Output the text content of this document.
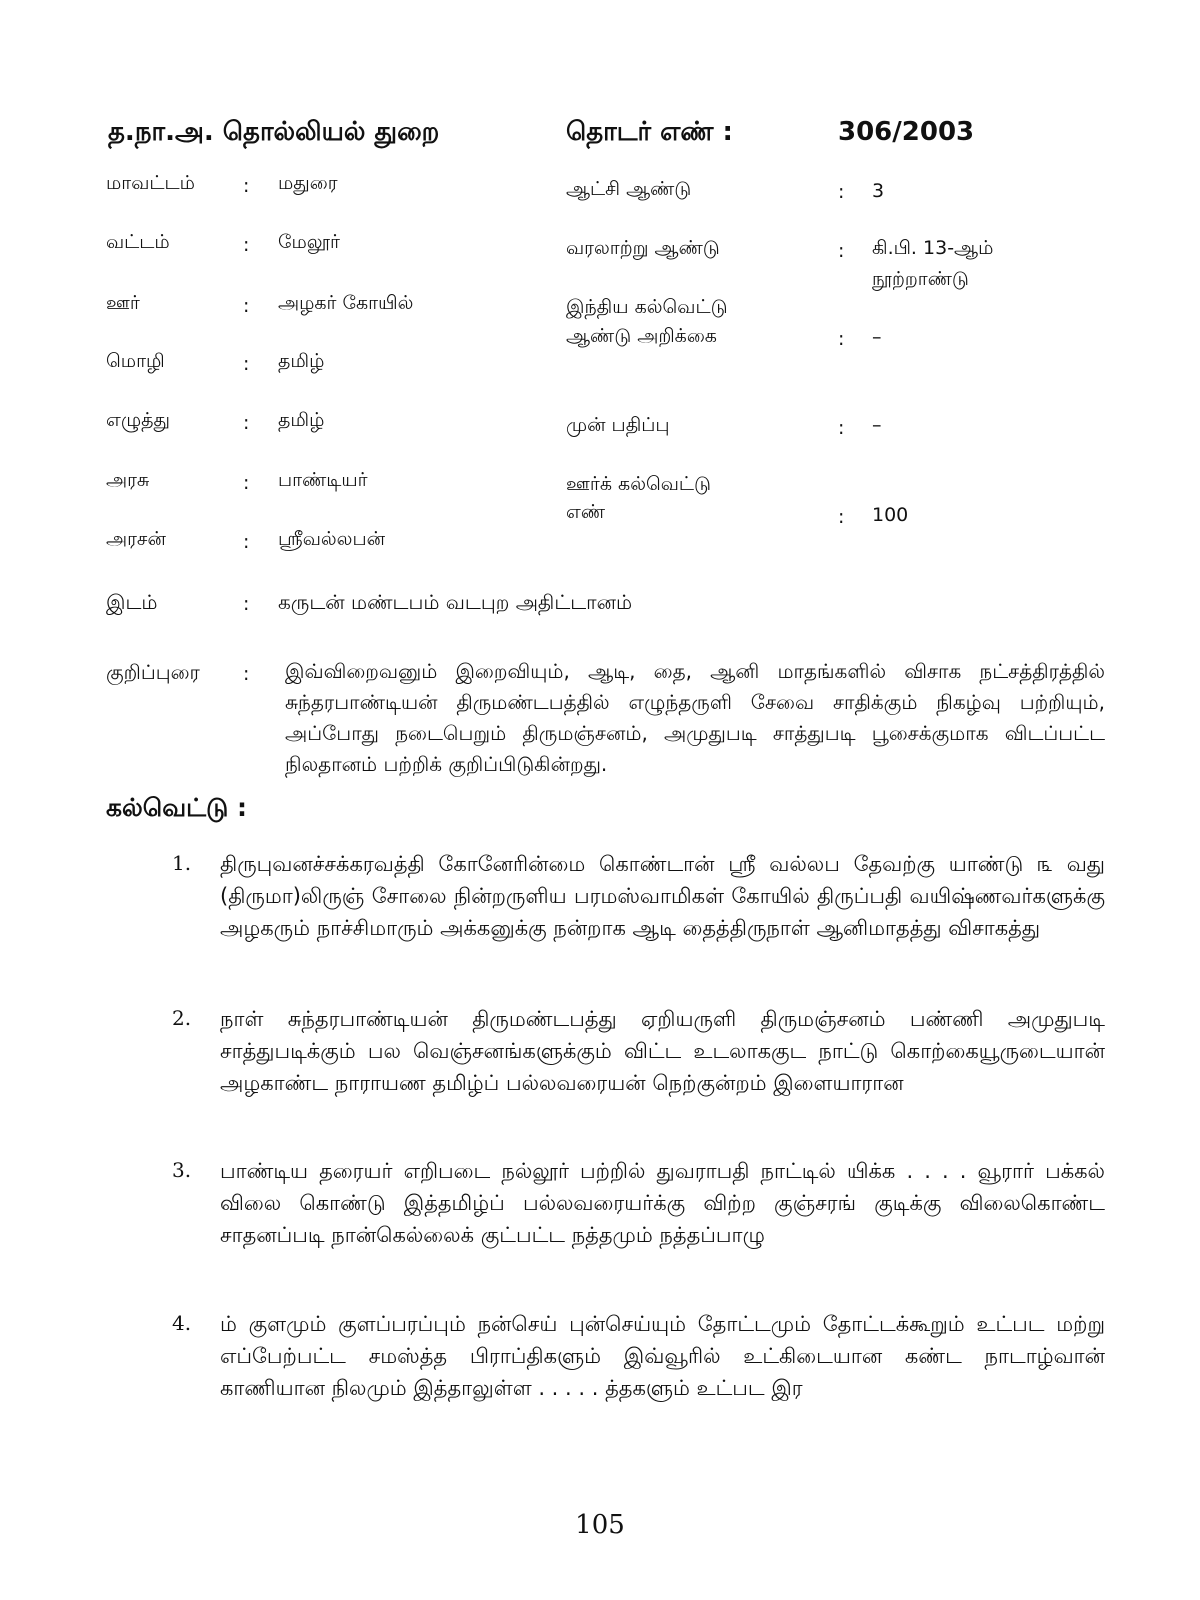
த.நா.அ. தொல்லியல் துறை	தொடர் எண் :	306/2003
மாவட்டம்	: மதுரை
வட்டம்	: மேலூர்
ஊர்	: அழகர் கோயில்
மொழி	: தமிழ்
எழுத்து	: தமிழ்
அரசு	: பாண்டியர்
அரசன்	: ஸ்ரீவல்லபன்
இடம்	: கருடன் மண்டபம் வடபுற அதிட்டானம்
ஆட்சி ஆண்டு	: 3
வரலாற்று ஆண்டு	: கி.பி. 13-ஆம்
நூற்றாண்டு
இந்திய கல்வெட்டு
ஆண்டு அறிக்கை	: –
முன் பதிப்பு	: –
ஊர்க் கல்வெட்டு
எண்	: 100
குறிப்புரை : இவ்விறைவனும் இறைவியும், ஆடி, தை, ஆனி மாதங்களில் விசாக நட்சத்திரத்தில் சுந்தரபாண்டியன் திருமண்டபத்தில் எழுந்தருளி சேவை சாதிக்கும் நிகழ்வு பற்றியும், அப்போது நடைபெறும் திருமஞ்சனம், அமுதுபடி சாத்துபடி பூசைக்குமாக விடப்பட்ட நிலதானம் பற்றிக் குறிப்பிடுகின்றது.
கல்வெட்டு :
1. திருபுவனச்சக்கரவத்தி கோனேரின்மை கொண்டான் ஸ்ரீ வல்லப தேவற்கு யாண்டு ௩ வது (திருமா)லிருஞ் சோலை நின்றருளிய பரமஸ்வாமிகள் கோயில் திருப்பதி வயிஷ்ணவர்களுக்கு அழகரும் நாச்சிமாரும் அக்கனுக்கு நன்றாக ஆடி தைத்திருநாள் ஆனிமாதத்து விசாகத்து
2. நாள் சுந்தரபாண்டியன் திருமண்டபத்து ஏறியருளி திருமஞ்சனம் பண்ணி அமுதுபடி சாத்துபடிக்கும் பல வெஞ்சனங்களுக்கும் விட்ட உடலாககுட நாட்டு கொற்கையூருடையான் அழகாண்ட நாராயண தமிழ்ப் பல்லவரையன் நெற்குன்றம் இளையாரான
3. பாண்டிய தரையர் எறிபடை நல்லூர் பற்றில் துவராபதி நாட்டில் யிக்க . . . . வூரார் பக்கல் விலை கொண்டு இத்தமிழ்ப் பல்லவரையர்க்கு விற்ற குஞ்சரங் குடிக்கு விலைகொண்ட சாதனப்படி நான்கெல்லைக் குட்பட்ட நத்தமும் நத்தப்பாழு
4. ம் குளமும் குளப்பரப்பும் நன்செய் புன்செய்யும் தோட்டமும் தோட்டக்கூறும் உட்பட மற்று எப்பேற்பட்ட சமஸ்த்த பிராப்திகளும் இவ்வூரில் உட்கிடையான கண்ட நாடாழ்வான் காணியான நிலமும் இத்தாலுள்ள . . . . . த்தகளும் உட்பட இர
105
